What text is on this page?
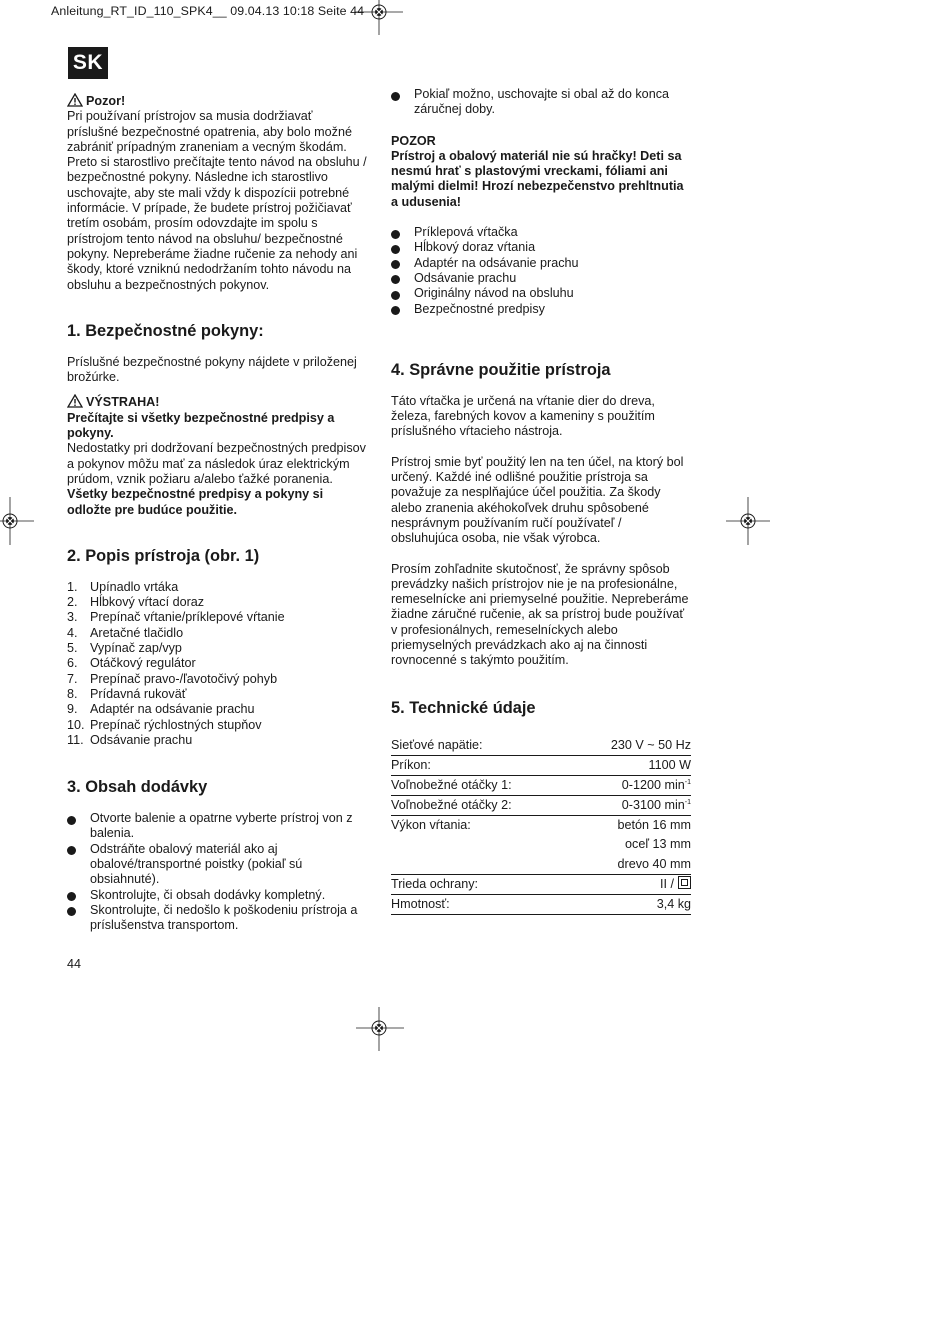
Anleitung_RT_ID_110_SPK4__ 09.04.13 10:18 Seite 44
SK

Pozor!

Pri používaní prístrojov sa musia dodržiavať príslušné bezpečnostné opatrenia, aby bolo možné zabrániť prípadným zraneniam a vecným škodám. Preto si starostlivo prečítajte tento návod na obsluhu / bezpečnostné pokyny. Následne ich starostlivo uschovajte, aby ste mali vždy k dispozícii potrebné informácie. V prípade, že budete prístroj požičiavať tretím osobám, prosím odovzdajte im spolu s prístrojom tento návod na obsluhu/ bezpečnostné pokyny. Nepreberáme žiadne ručenie za nehody ani škody, ktoré vzniknú nedodržaním tohto návodu na obsluhu a bezpečnostných pokynov.

1. Bezpečnostné pokyny:

Príslušné bezpečnostné pokyny nájdete v priloženej brožúrke.

VÝSTRAHA!

Prečítajte si všetky bezpečnostné predpisy a pokyny.

Nedostatky pri dodržovaní bezpečnostných predpisov a pokynov môžu mať za následok úraz elektrickým prúdom, vznik požiaru a/alebo ťažké poranenia.

Všetky bezpečnostné predpisy a pokyny si odložte pre budúce použitie.

2. Popis prístroja (obr. 1)
1. Upínadlo vrtáka
2. Hĺbkový vŕtací doraz
3. Prepínač vŕtanie/príklepové vŕtanie
4. Aretačné tlačidlo
5. Vypínač zap/vyp
6. Otáčkový regulátor
7. Prepínač pravo-/ľavotočivý pohyb
8. Prídavná rukoväť
9. Adaptér na odsávanie prachu
10. Prepínač rýchlostných stupňov
11. Odsávanie prachu
3. Obsah dodávky
Otvorte balenie a opatrne vyberte prístroj von z balenia.
Odstráňte obalový materiál ako aj obalové/transportné poistky (pokiaľ sú obsiahnuté).
Skontrolujte, či obsah dodávky kompletný.
Skontrolujte, či nedošlo k poškodeniu prístroja a príslušenstva transportom.
44
Pokiaľ možno, uschovajte si obal až do konca záručnej doby.

POZOR

Prístroj a obalový materiál nie sú hračky! Deti sa nesmú hrať s plastovými vreckami, fóliami ani malými dielmi! Hrozí nebezpečenstvo prehltnutia a udusenia!

Príklepová vŕtačka
Hĺbkový doraz vŕtania
Adaptér na odsávanie prachu
Odsávanie prachu
Originálny návod na obsluhu
Bezpečnostné predpisy
4. Správne použitie prístroja

Táto vŕtačka je určená na vŕtanie dier do dreva, železa, farebných kovov a kameniny s použitím príslušného vŕtacieho nástroja.

Prístroj smie byť použitý len na ten účel, na ktorý bol určený. Každé iné odlišné použitie prístroja sa považuje za nesplňajúce účel použitia. Za škody alebo zranenia akéhokoľvek druhu spôsobené nesprávnym používaním ručí používateľ / obsluhujúca osoba, nie však výrobca.

Prosím zohľadnite skutočnosť, že správny spôsob prevádzky našich prístrojov nie je na profesionálne, remeselnícke ani priemyselné použitie. Nepreberáme žiadne záručné ručenie, ak sa prístroj bude používať v profesionálnych, remeselníckych alebo priemyselných prevádzkach ako aj na činnosti rovnocenné s takýmto použitím.

5. Technické údaje
Sieťové napätie:	230 V ~ 50 Hz
Príkon:	1100 W
Voľnobežné otáčky 1:	0-1200 $\min^{-1}$
Voľnobežné otáčky 2:	0-3100 $\min^{-1}$
Výkon vŕtania:	betón 16 mm
	oceľ 13 mm
	drevo 40 mm
Trieda ochrany:	II /
Hmotnosť:	3,4 kg
